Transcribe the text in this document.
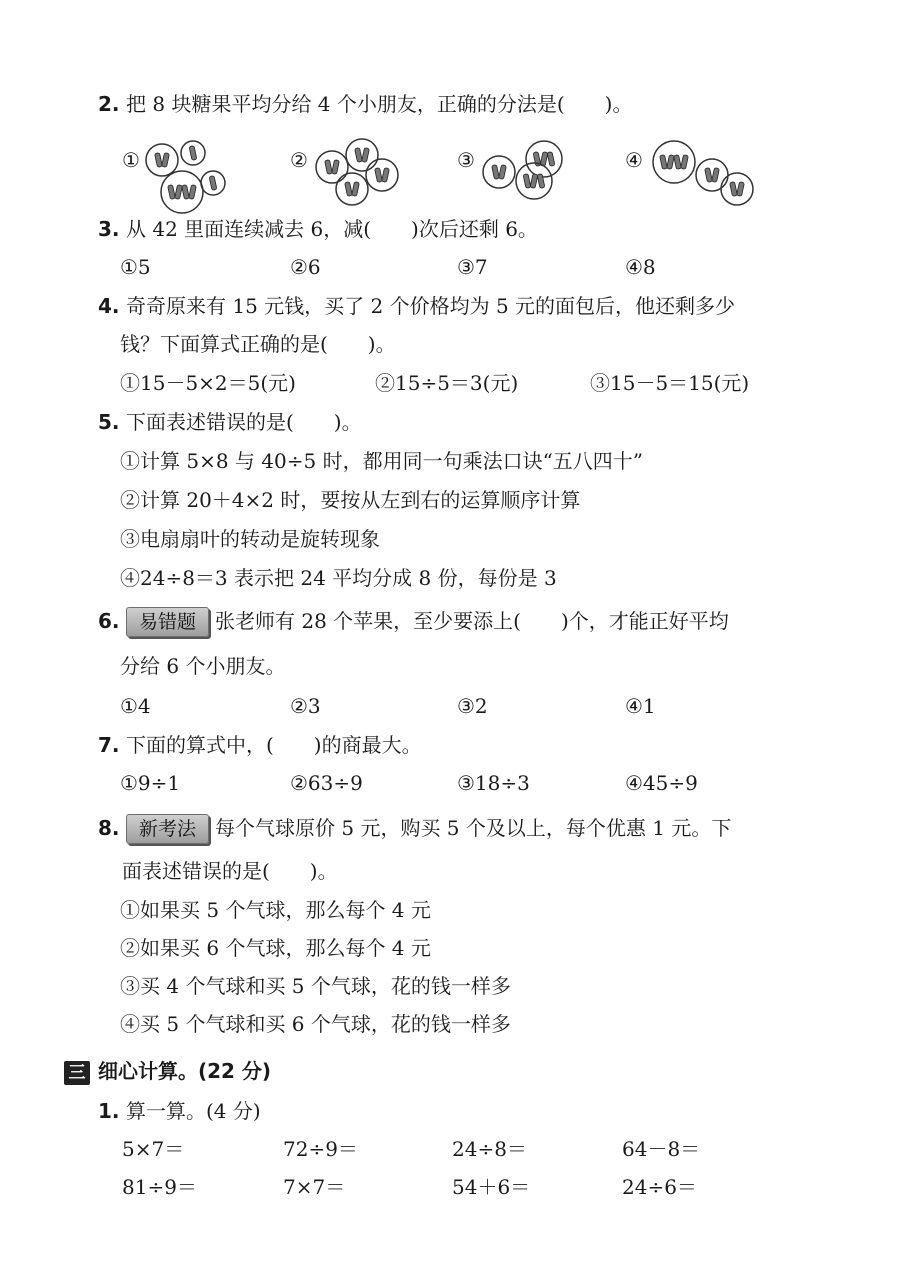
2. 把 8 块糖果平均分给 4 个小朋友，正确的分法是(　　)。
①	②	③	④
3. 从 42 里面连续减去 6，减(　　)次后还剩 6。
①5	②6	③7	④8
4. 奇奇原来有 15 元钱，买了 2 个价格均为 5 元的面包后，他还剩多少
钱？下面算式正确的是(　　)。
①15－5×2＝5(元)	②15÷5＝3(元)	③15－5＝15(元)
5. 下面表述错误的是(　　)。
①计算 5×8 与 40÷5 时，都用同一句乘法口诀“五八四十”
②计算 20＋4×2 时，要按从左到右的运算顺序计算
③电扇扇叶的转动是旋转现象
④24÷8＝3 表示把 24 平均分成 8 份，每份是 3
6.	易错题 张老师有 28 个苹果，至少要添上(　　)个，才能正好平均
分给 6 个小朋友。
①4	②3	③2	④1
7. 下面的算式中，(　　)的商最大。
①9÷1	②63÷9	③18÷3	④45÷9
8.	新考法 每个气球原价 5 元，购买 5 个及以上，每个优惠 1 元。下
面表述错误的是(　　)。
①如果买 5 个气球，那么每个 4 元
②如果买 6 个气球，那么每个 4 元
③买 4 个气球和买 5 个气球，花的钱一样多
④买 5 个气球和买 6 个气球，花的钱一样多
三 细心计算。(22 分)
1. 算一算。(4 分)
5×7＝	72÷9＝	24÷8＝	64－8＝
81÷9＝	7×7＝	54＋6＝	24÷6＝
